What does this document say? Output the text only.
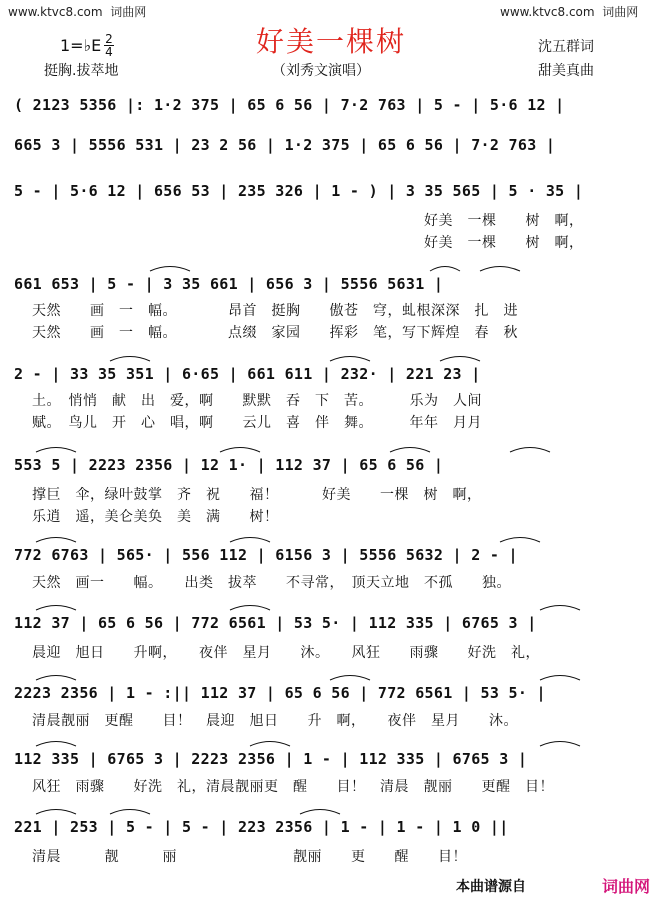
www.ktvc8.com 词曲网	www.ktvc8.com 词曲网
好美一棵树
1=♭E $\frac{2}{4}$
挺胸.拔萃地	（刘秀文演唱）
沈五群词
甜美真曲
( 2123 5356 |: 1·2 375 | 65 6 56 | 7·2 763 | 5 - | 5·6 12 |
665 3 | 5556 531 | 23 2 56 | 1·2 375 | 65 6 56 | 7·2 763 |
5 - | 5·6 12 | 656 53 | 235 326 | 1 - ) | 3 35 565 | 5 · 35 |
好美　一棵　　树　啊，
好美　一棵　　树　啊，
661 653 | 5 - | 3 35 661 | 656 3 | 5556 5631 |
天然　　画　一　幅。　　　　昂首　挺胸　　傲苍　穹，虬根深深　扎　进
天然　　画　一　幅。　　　　点缀　家园　　挥彩　笔，写下辉煌　春　秋
2 - | 33 35 351 | 6·65 | 661 611 | 232· | 221 23 |
土。　悄悄　献　出　爱，啊　　默默　吞　下　苦。　　　乐为　人间
赋。　鸟儿　开　心　唱，啊　　云儿　喜　伴　舞。　　　年年　月月
553 5 | 2223 2356 | 12 1· | 112 37 | 65 6 56 |
撑巨　伞，绿叶鼓掌　齐　祝　　福！　　　好美　　一棵　树　啊，
乐逍　遥，美仑美奂　美　满　　树！
772 6763 | 565· | 556 112 | 6156 3 | 5556 5632 | 2 - |
天然　画一　　幅。　　出类　拔萃　　不寻常，　顶天立地　不孤　　独。
112 37 | 65 6 56 | 772 6561 | 53 5· | 112 335 | 6765 3 |
晨迎　旭日　　升啊，　　夜伴　星月　　沐。　　风狂　　雨骤　　好洗　礼，
2223 2356 | 1 - :|| 112 37 | 65 6 56 | 772 6561 | 53 5· |
清晨靓丽　更醒　　目！　晨迎　旭日　　升　啊，　　夜伴　星月　　沐。
112 335 | 6765 3 | 2223 2356 | 1 - | 112 335 | 6765 3 |
风狂　雨骤　　好洗　礼，清晨靓丽更　醒　　目！　清晨　靓丽　　更醒　目！
221 | 253 | 5 - | 5 - | 223 2356 | 1 - | 1 - | 1 0 ||
清晨　　　靓　　　丽　　　　　　　　靓丽　　更　　醒　　目！
本曲谱源自	词曲网
